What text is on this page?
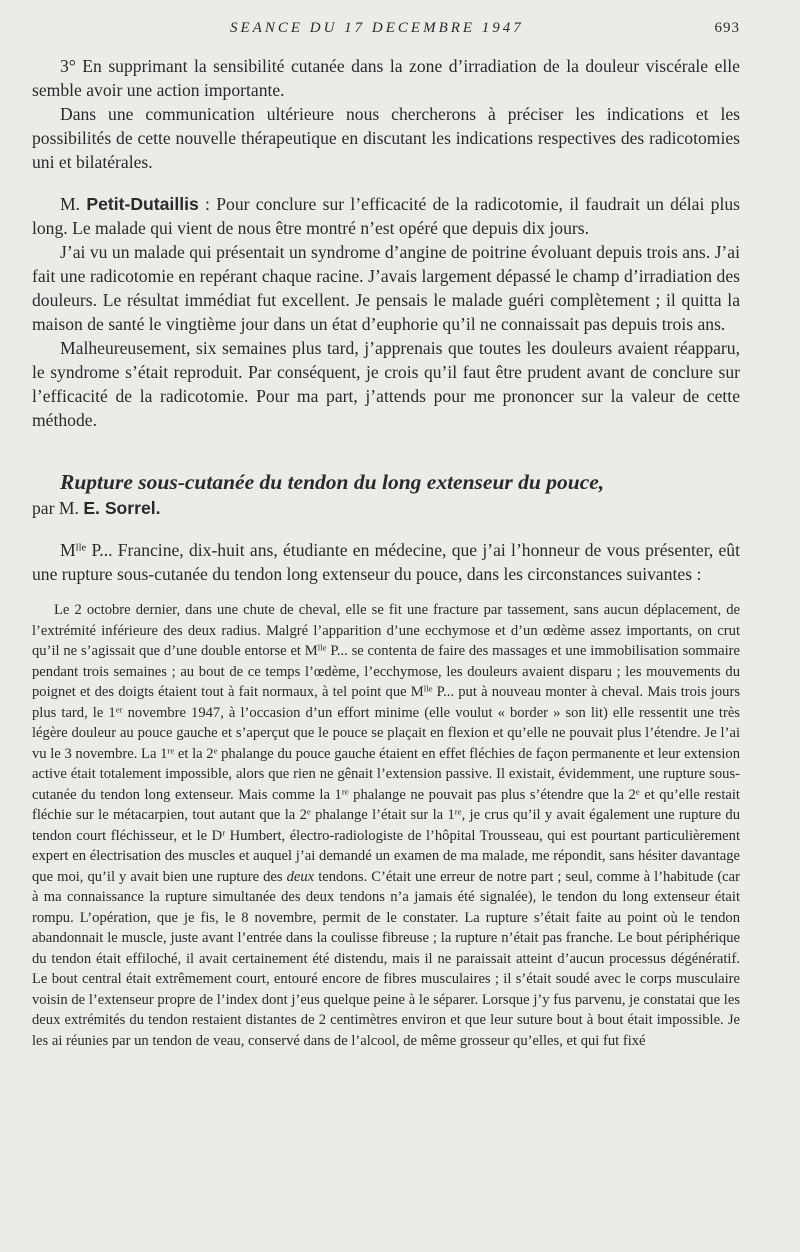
SEANCE DU 17 DECEMBRE 1947	693

3° En supprimant la sensibilité cutanée dans la zone d’irradiation de la douleur viscérale elle semble avoir une action importante.

Dans une communication ultérieure nous chercherons à préciser les indications et les possibilités de cette nouvelle thérapeutique en discutant les indications respectives des radicotomies uni et bilatérales.

M. Petit-Dutaillis : Pour conclure sur l’efficacité de la radicotomie, il faudrait un délai plus long. Le malade qui vient de nous être montré n’est opéré que depuis dix jours.

J’ai vu un malade qui présentait un syndrome d’angine de poitrine évoluant depuis trois ans. J’ai fait une radicotomie en repérant chaque racine. J’avais largement dépassé le champ d’irradiation des douleurs. Le résultat immédiat fut excellent. Je pensais le malade guéri complètement ; il quitta la maison de santé le vingtième jour dans un état d’euphorie qu’il ne connaissait pas depuis trois ans.

Malheureusement, six semaines plus tard, j’apprenais que toutes les douleurs avaient réapparu, le syndrome s’était reproduit. Par conséquent, je crois qu’il faut être prudent avant de conclure sur l’efficacité de la radicotomie. Pour ma part, j’attends pour me prononcer sur la valeur de cette méthode.

Rupture sous-cutanée du tendon du long extenseur du pouce,

par M. E. Sorrel.

$M^{lle}$ P... Francine, dix-huit ans, étudiante en médecine, que j’ai l’honneur de vous présenter, eût une rupture sous-cutanée du tendon long extenseur du pouce, dans les circonstances suivantes :

Le 2 octobre dernier, dans une chute de cheval, elle se fit une fracture par tassement, sans aucun déplacement, de l’extrémité inférieure des deux radius. Malgré l’apparition d’une ecchymose et d’un œdème assez importants, on crut qu’il ne s’agissait que d’une double entorse et $M^{lle}$ P... se contenta de faire des massages et une immobilisation sommaire pendant trois semaines ; au bout de ce temps l’œdème, l’ecchymose, les douleurs avaient disparu ; les mouvements du poignet et des doigts étaient tout à fait normaux, à tel point que $M^{lle}$ P... put à nouveau monter à cheval. Mais trois jours plus tard, le 1er novembre 1947, à l’occasion d’un effort minime (elle voulut « border » son lit) elle ressentit une très légère douleur au pouce gauche et s’aperçut que le pouce se plaçait en flexion et qu’elle ne pouvait plus l’étendre. Je l’ai vu le 3 novembre. La 1re et la 2e phalange du pouce gauche étaient en effet fléchies de façon permanente et leur extension active était totalement impossible, alors que rien ne gênait l’extension passive. Il existait, évidemment, une rupture sous-cutanée du tendon long extenseur. Mais comme la 1re phalange ne pouvait pas plus s’étendre que la 2e et qu’elle restait fléchie sur le métacarpien, tout autant que la 2e phalange l’était sur la 1re, je crus qu’il y avait également une rupture du tendon court fléchisseur, et le $D^r$ Humbert, électro-radiologiste de l’hôpital Trousseau, qui est pourtant particulièrement expert en électrisation des muscles et auquel j’ai demandé un examen de ma malade, me répondit, sans hésiter davantage que moi, qu’il y avait bien une rupture des deux tendons. C’était une erreur de notre part ; seul, comme à l’habitude (car à ma connaissance la rupture simultanée des deux tendons n’a jamais été signalée), le tendon du long extenseur était rompu. L’opération, que je fis, le 8 novembre, permit de le constater. La rupture s’était faite au point où le tendon abandonnait le muscle, juste avant l’entrée dans la coulisse fibreuse ; la rupture n’était pas franche. Le bout périphérique du tendon était effiloché, il avait certainement été distendu, mais il ne paraissait atteint d’aucun processus dégénératif. Le bout central était extrêmement court, entouré encore de fibres musculaires ; il s’était soudé avec le corps musculaire voisin de l’extenseur propre de l’index dont j’eus quelque peine à le séparer. Lorsque j’y fus parvenu, je constatai que les deux extrémités du tendon restaient distantes de 2 centimètres environ et que leur suture bout à bout était impossible. Je les ai réunies par un tendon de veau, conservé dans de l’alcool, de même grosseur qu’elles, et qui fut fixé
